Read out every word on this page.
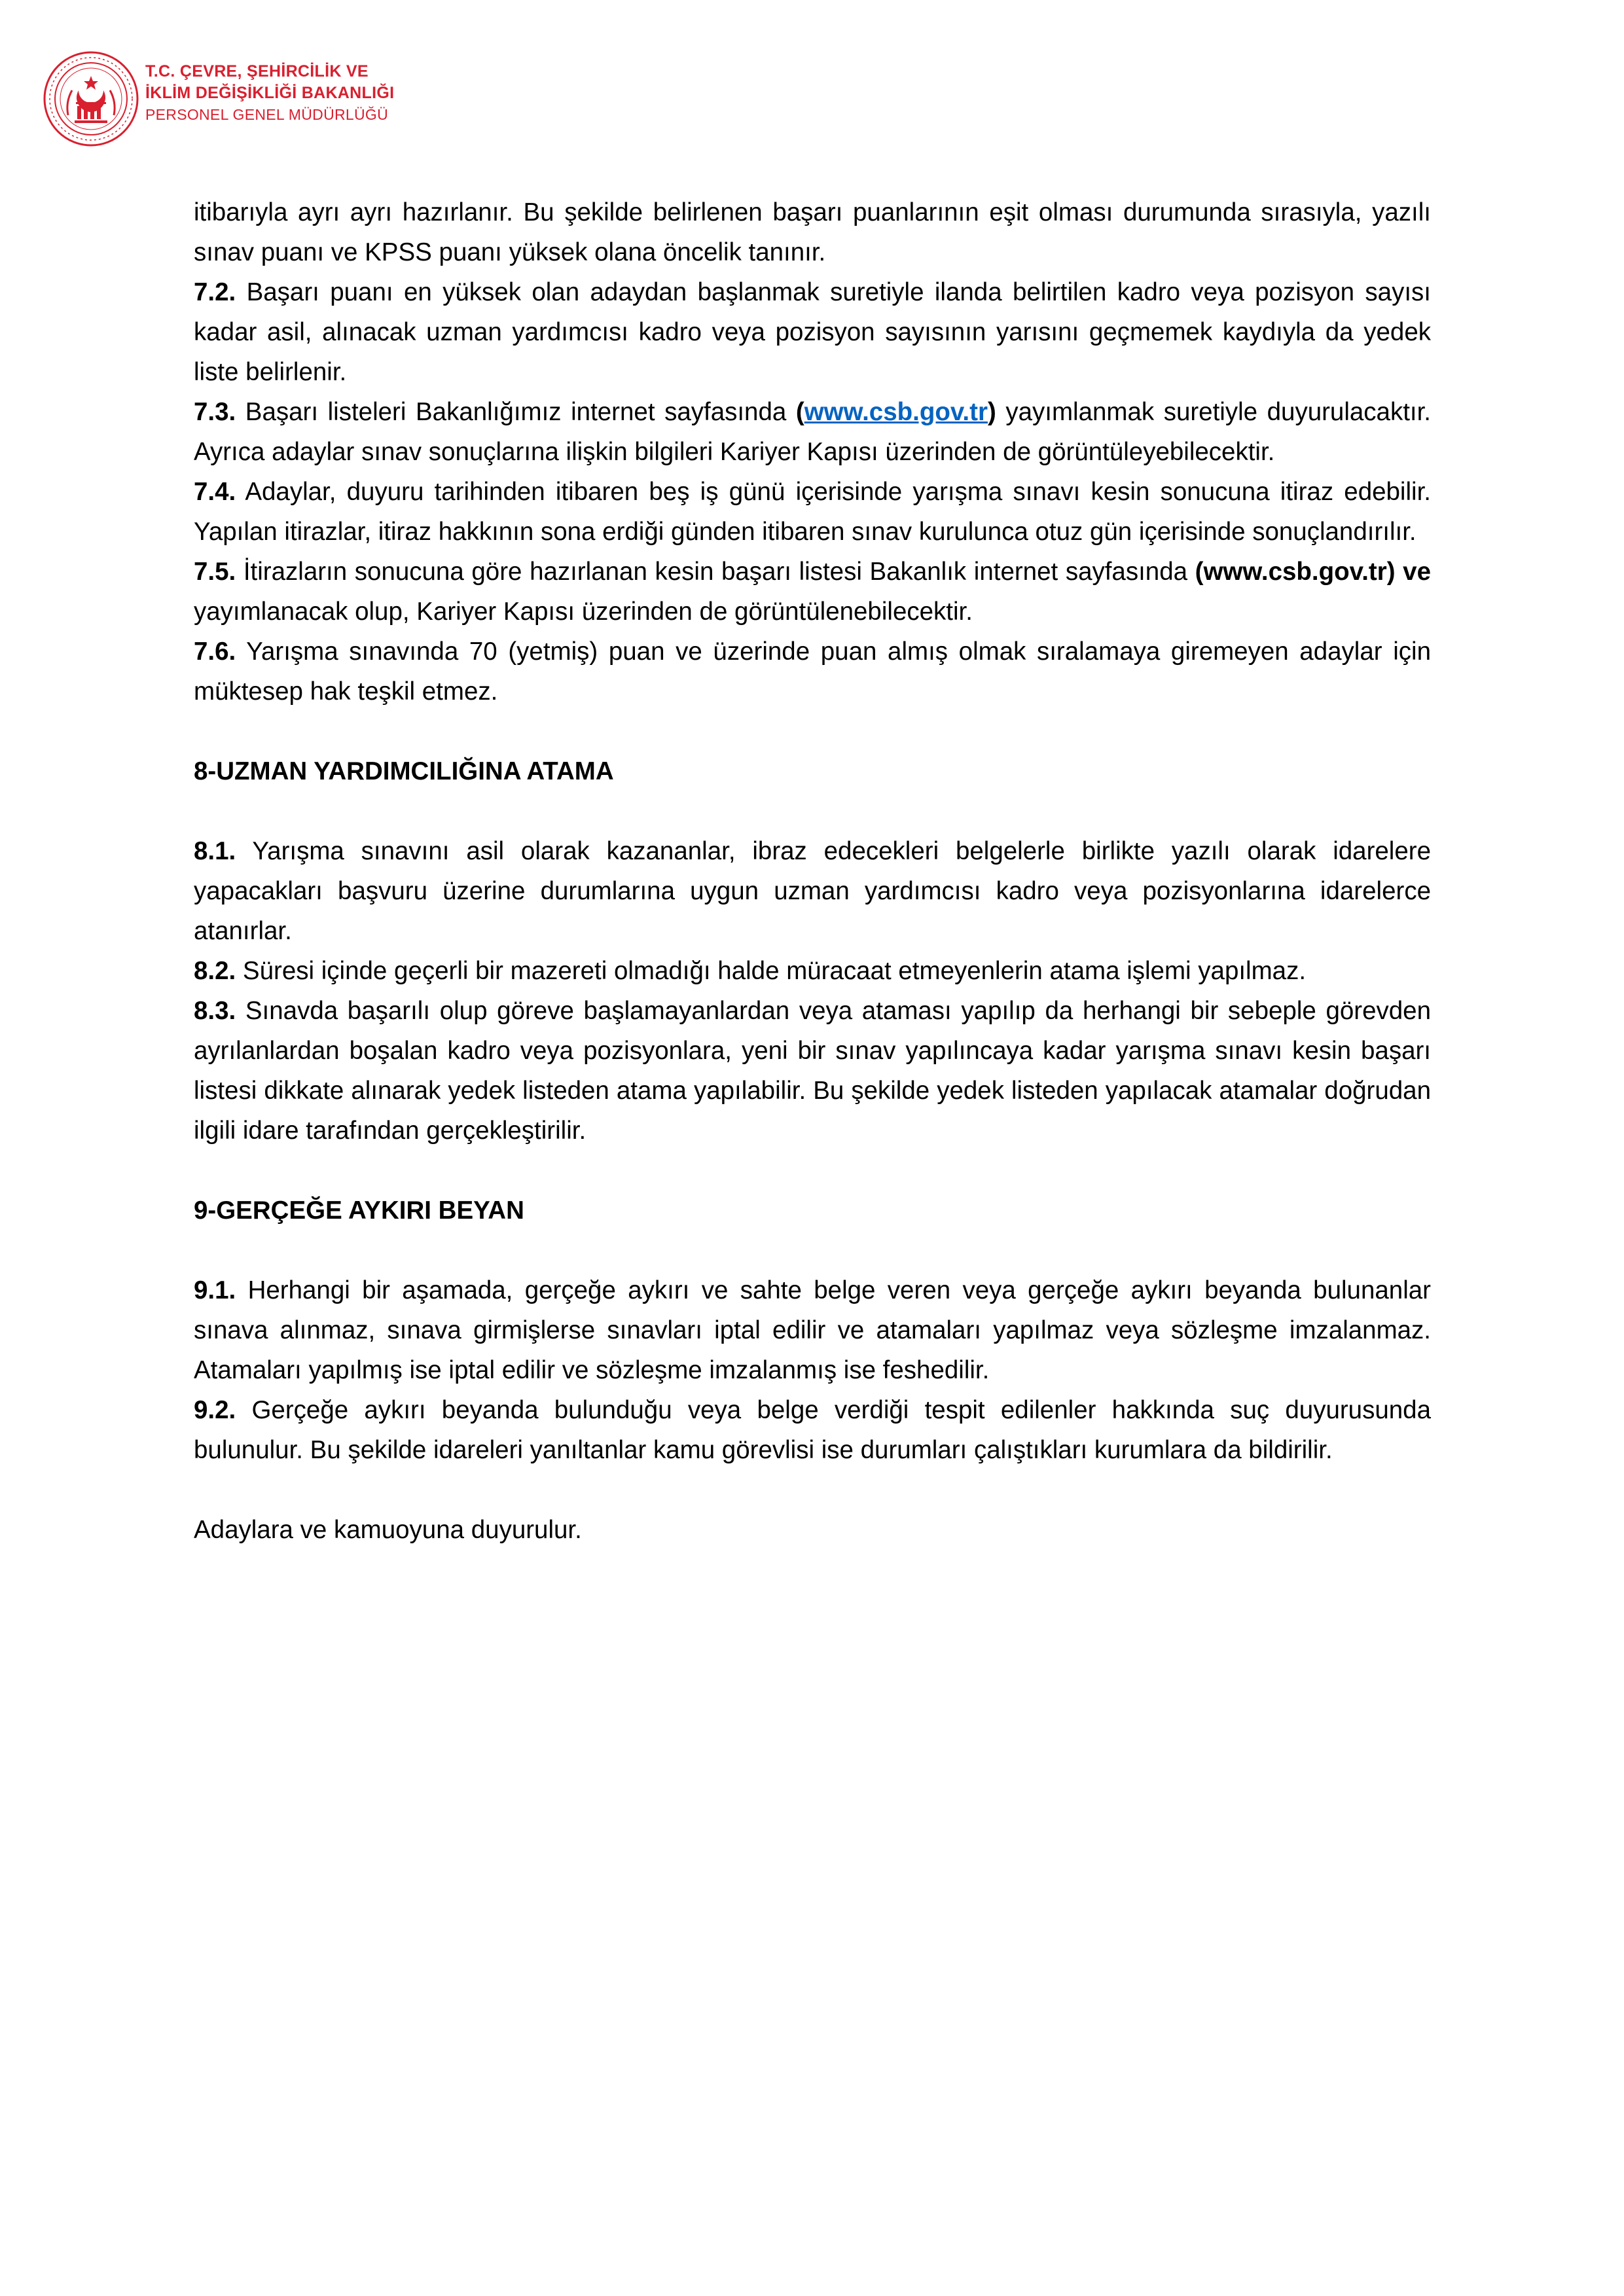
T.C. ÇEVRE, ŞEHİRCİLİK VE
İKLİM DEĞİŞİKLİĞİ BAKANLIĞI
PERSONEL GENEL MÜDÜRLÜĞÜ
itibarıyla ayrı ayrı hazırlanır. Bu şekilde belirlenen başarı puanlarının eşit olması durumunda sırasıyla, yazılı sınav puanı ve KPSS puanı yüksek olana öncelik tanınır.
7.2. Başarı puanı en yüksek olan adaydan başlanmak suretiyle ilanda belirtilen kadro veya pozisyon sayısı kadar asil, alınacak uzman yardımcısı kadro veya pozisyon sayısının yarısını geçmemek kaydıyla da yedek liste belirlenir.
7.3. Başarı listeleri Bakanlığımız internet sayfasında (www.csb.gov.tr) yayımlanmak suretiyle duyurulacaktır. Ayrıca adaylar sınav sonuçlarına ilişkin bilgileri Kariyer Kapısı üzerinden de görüntüleyebilecektir.
7.4. Adaylar, duyuru tarihinden itibaren beş iş günü içerisinde yarışma sınavı kesin sonucuna itiraz edebilir. Yapılan itirazlar, itiraz hakkının sona erdiği günden itibaren sınav kurulunca otuz gün içerisinde sonuçlandırılır.
7.5. İtirazların sonucuna göre hazırlanan kesin başarı listesi Bakanlık internet sayfasında (www.csb.gov.tr) ve yayımlanacak olup, Kariyer Kapısı üzerinden de görüntülenebilecektir.
7.6. Yarışma sınavında 70 (yetmiş) puan ve üzerinde puan almış olmak sıralamaya giremeyen adaylar için müktesep hak teşkil etmez.
8-UZMAN YARDIMCILIĞINA ATAMA
8.1. Yarışma sınavını asil olarak kazananlar, ibraz edecekleri belgelerle birlikte yazılı olarak idarelere yapacakları başvuru üzerine durumlarına uygun uzman yardımcısı kadro veya pozisyonlarına idarelerce atanırlar.
8.2. Süresi içinde geçerli bir mazereti olmadığı halde müracaat etmeyenlerin atama işlemi yapılmaz.
8.3. Sınavda başarılı olup göreve başlamayanlardan veya ataması yapılıp da herhangi bir sebeple görevden ayrılanlardan boşalan kadro veya pozisyonlara, yeni bir sınav yapılıncaya kadar yarışma sınavı kesin başarı listesi dikkate alınarak yedek listeden atama yapılabilir. Bu şekilde yedek listeden yapılacak atamalar doğrudan ilgili idare tarafından gerçekleştirilir.
9-GERÇEĞE AYKIRI BEYAN
9.1. Herhangi bir aşamada, gerçeğe aykırı ve sahte belge veren veya gerçeğe aykırı beyanda bulunanlar sınava alınmaz, sınava girmişlerse sınavları iptal edilir ve atamaları yapılmaz veya sözleşme imzalanmaz. Atamaları yapılmış ise iptal edilir ve sözleşme imzalanmış ise feshedilir.
9.2. Gerçeğe aykırı beyanda bulunduğu veya belge verdiği tespit edilenler hakkında suç duyurusunda bulunulur. Bu şekilde idareleri yanıltanlar kamu görevlisi ise durumları çalıştıkları kurumlara da bildirilir.
Adaylara ve kamuoyuna duyurulur.
